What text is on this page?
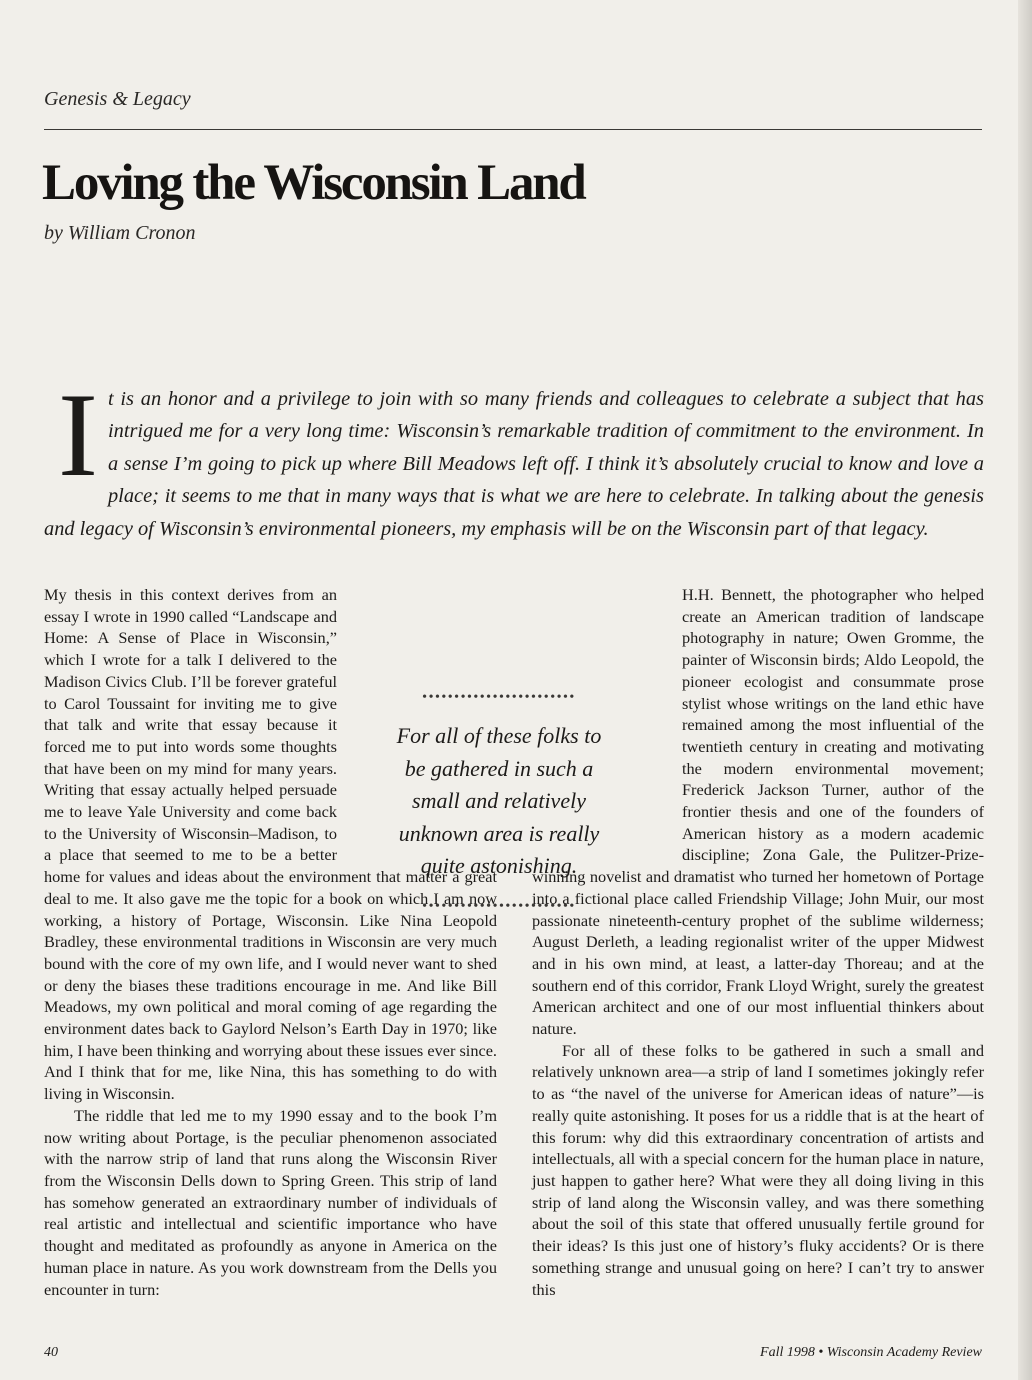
Genesis & Legacy
Loving the Wisconsin Land
by William Cronon

It is an honor and a privilege to join with so many friends and colleagues to celebrate a subject that has intrigued me for a very long time: Wisconsin’s remarkable tradition of commitment to the environment. In a sense I’m going to pick up where Bill Meadows left off. I think it’s absolutely crucial to know and love a place; it seems to me that in many ways that is what we are here to celebrate. In talking about the genesis and legacy of Wisconsin’s environmental pioneers, my emphasis will be on the Wisconsin part of that legacy.

My thesis in this context derives from an essay I wrote in 1990 called “Landscape and Home: A Sense of Place in Wisconsin,” which I wrote for a talk I delivered to the Madison Civics Club. I’ll be forever grateful to Carol Toussaint for inviting me to give that talk and write that essay because it forced me to put into words some thoughts that have been on my mind for many years. Writing that essay actually helped persuade me to leave Yale University and come back to the University of Wisconsin–Madison, to a place that seemed to me to be a better home for values and ideas about the environment that matter a great deal to me. It also gave me the topic for a book on which I am now working, a history of Portage, Wisconsin. Like Nina Leopold Bradley, these environmental traditions in Wisconsin are very much bound with the core of my own life, and I would never want to shed or deny the biases these traditions encourage in me. And like Bill Meadows, my own political and moral coming of age regarding the environment dates back to Gaylord Nelson’s Earth Day in 1970; like him, I have been thinking and worrying about these issues ever since. And I think that for me, like Nina, this has something to do with living in Wisconsin.

The riddle that led me to my 1990 essay and to the book I’m now writing about Portage, is the peculiar phenomenon associated with the narrow strip of land that runs along the Wisconsin River from the Wisconsin Dells down to Spring Green. This strip of land has somehow generated an extraordinary number of individuals of real artistic and intellectual and scientific importance who have thought and meditated as profoundly as anyone in America on the human place in nature. As you work downstream from the Dells you encounter in turn:

H.H. Bennett, the photographer who helped create an American tradition of landscape photography in nature; Owen Gromme, the painter of Wisconsin birds; Aldo Leopold, the pioneer ecologist and consummate prose stylist whose writings on the land ethic have remained among the most influential of the twentieth century in creating and motivating the modern environmental movement; Frederick Jackson Turner, author of the frontier thesis and one of the founders of American history as a modern academic discipline; Zona Gale, the Pulitzer-Prize-winning novelist and dramatist who turned her hometown of Portage into a fictional place called Friendship Village; John Muir, our most passionate nineteenth-century prophet of the sublime wilderness; August Derleth, a leading regionalist writer of the upper Midwest and in his own mind, at least, a latter-day Thoreau; and at the southern end of this corridor, Frank Lloyd Wright, surely the greatest American architect and one of our most influential thinkers about nature.

For all of these folks to be gathered in such a small and relatively unknown area—a strip of land I sometimes jokingly refer to as “the navel of the universe for American ideas of nature”—is really quite astonishing. It poses for us a riddle that is at the heart of this forum: why did this extraordinary concentration of artists and intellectuals, all with a special concern for the human place in nature, just happen to gather here? What were they all doing living in this strip of land along the Wisconsin valley, and was there something about the soil of this state that offered unusually fertile ground for their ideas? Is this just one of history’s fluky accidents? Or is there something strange and unusual going on here? I can’t try to answer this

••••••••••••••••••••••••
For all of these folks to be gathered in such a small and relatively unknown area is really quite astonishing.
••••••••••••••••••••••••
40	Fall 1998 • Wisconsin Academy Review
